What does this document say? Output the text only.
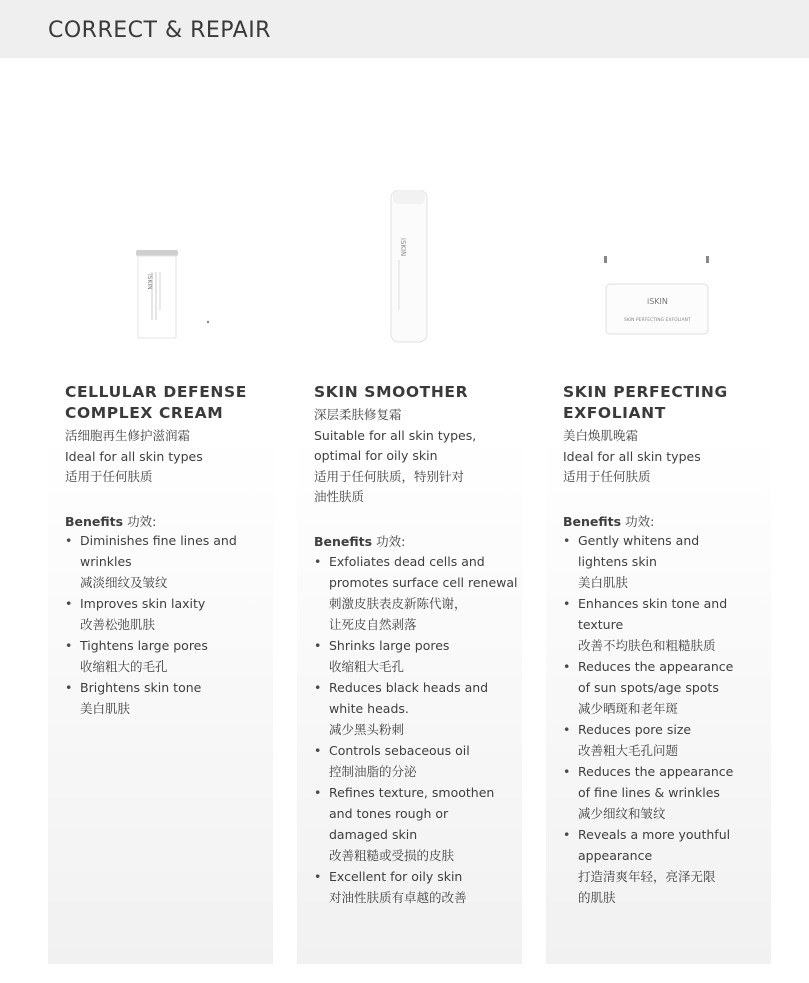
CORRECT & REPAIR
iSKIN
CELLULAR DEFENSE
COMPLEX CREAM
活细胞再生修护滋润霜
Ideal for all skin types
适用于任何肤质
Benefits 功效:
• Diminishes fine lines and
wrinkles
减淡细纹及皱纹
• Improves skin laxity
改善松弛肌肤
• Tightens large pores
收缩粗大的毛孔
• Brightens skin tone
美白肌肤
iSKIN
SKIN SMOOTHER
深层柔肤修复霜
Suitable for all skin types,
optimal for oily skin
适用于任何肤质，特别针对
油性肤质
Benefits 功效:
• Exfoliates dead cells and
promotes surface cell renewal
刺激皮肤表皮新陈代谢，
让死皮自然剥落
• Shrinks large pores
收缩粗大毛孔
• Reduces black heads and
white heads.
减少黑头粉刺
• Controls sebaceous oil
控制油脂的分泌
• Refines texture, smoothen
and tones rough or
damaged skin
改善粗糙或受损的皮肤
• Excellent for oily skin
对油性肤质有卓越的改善
iSKIN
SKIN PERFECTING EXFOLIANT
SKIN PERFECTING
EXFOLIANT
美白焕肌晚霜
Ideal for all skin types
适用于任何肤质
Benefits 功效:
• Gently whitens and
lightens skin
美白肌肤
• Enhances skin tone and
texture
改善不均肤色和粗糙肤质
• Reduces the appearance
of sun spots/age spots
减少晒斑和老年斑
• Reduces pore size
改善粗大毛孔问题
• Reduces the appearance
of fine lines & wrinkles
减少细纹和皱纹
• Reveals a more youthful
appearance
打造清爽年轻，亮泽无限
的肌肤
